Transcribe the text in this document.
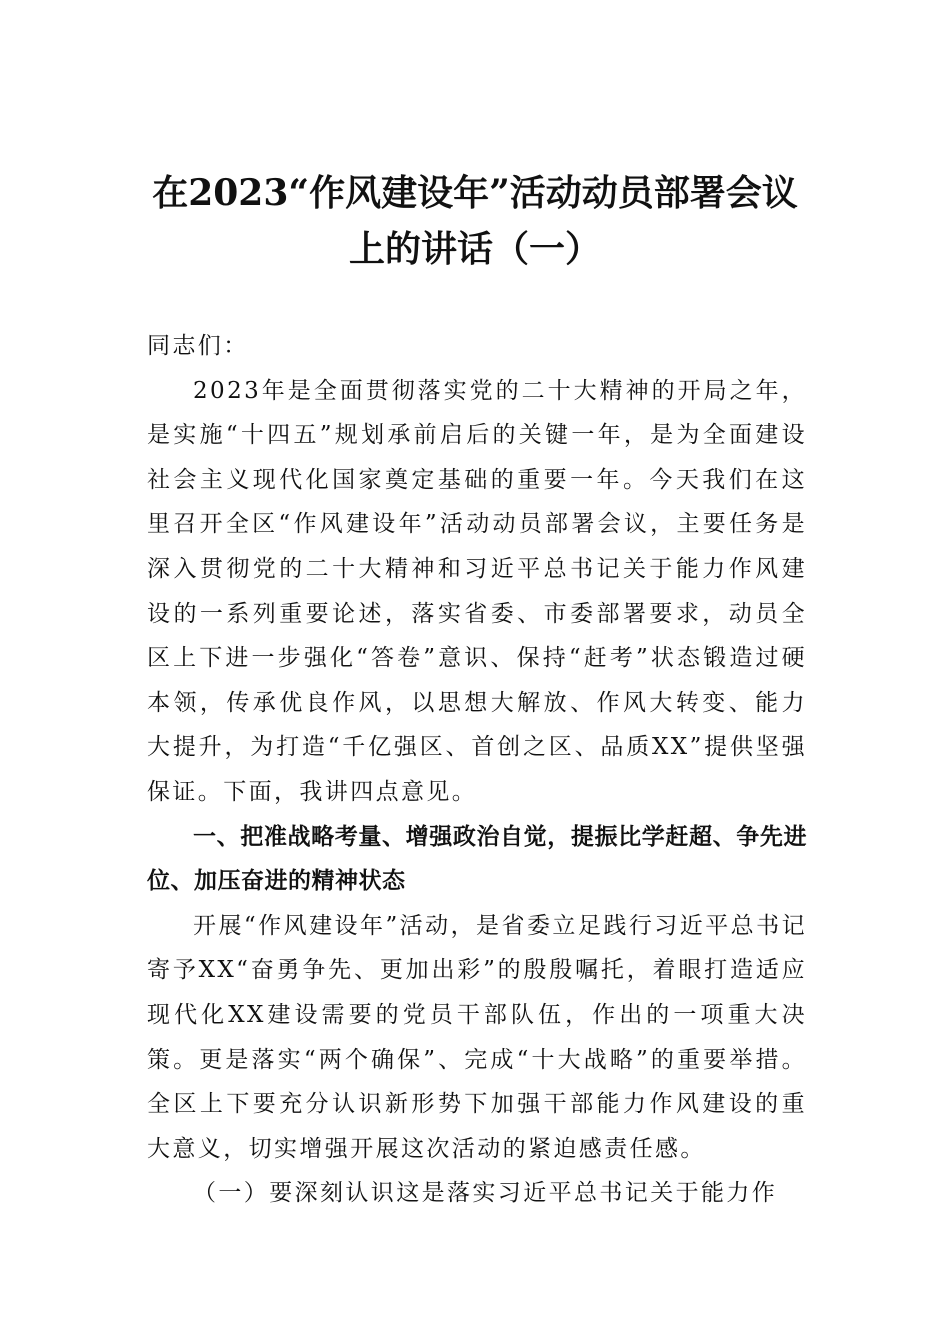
在2023“作风建设年”活动动员部署会议
上的讲话（一）

同志们：

2023年是全面贯彻落实党的二十大精神的开局之年，是实施“十四五”规划承前启后的关键一年，是为全面建设社会主义现代化国家奠定基础的重要一年。今天我们在这里召开全区“作风建设年”活动动员部署会议，主要任务是深入贯彻党的二十大精神和习近平总书记关于能力作风建设的一系列重要论述，落实省委、市委部署要求，动员全区上下进一步强化“答卷”意识、保持“赶考”状态锻造过硬本领，传承优良作风，以思想大解放、作风大转变、能力大提升，为打造“千亿强区、首创之区、品质XX”提供坚强保证。下面，我讲四点意见。

一、把准战略考量、增强政治自觉，提振比学赶超、争先进位、加压奋进的精神状态

开展“作风建设年”活动，是省委立足践行习近平总书记寄予XX“奋勇争先、更加出彩”的殷殷嘱托，着眼打造适应现代化XX建设需要的党员干部队伍，作出的一项重大决策。更是落实“两个确保”、完成“十大战略”的重要举措。全区上下要充分认识新形势下加强干部能力作风建设的重大意义，切实增强开展这次活动的紧迫感责任感。

（一）要深刻认识这是落实习近平总书记关于能力作
